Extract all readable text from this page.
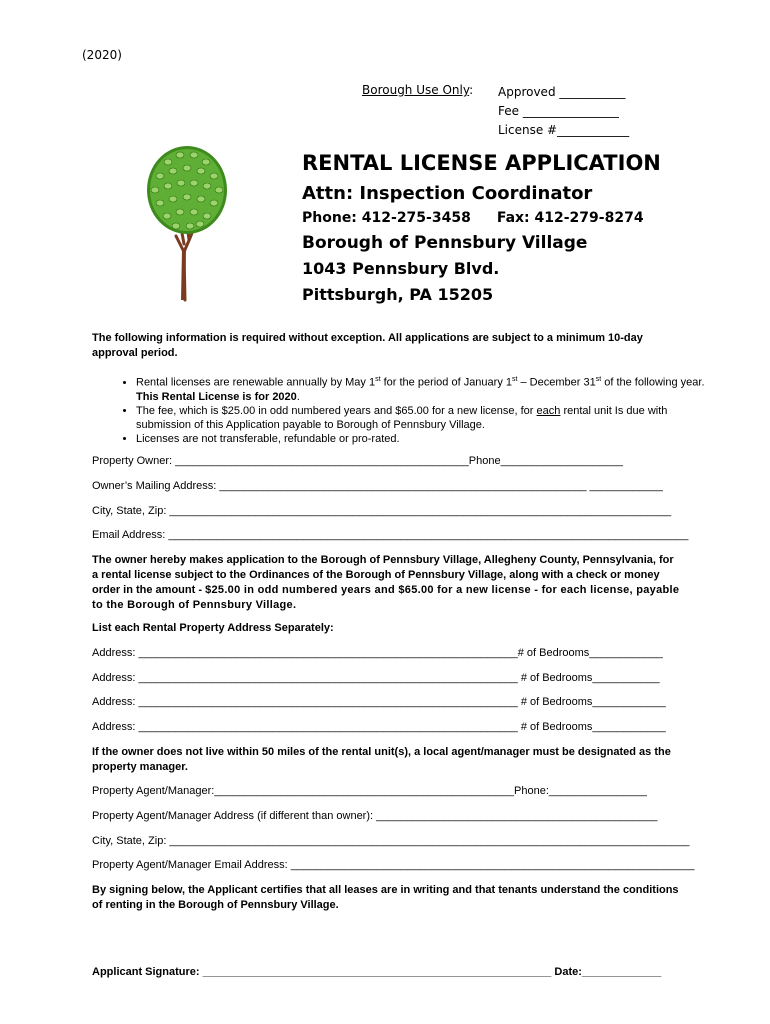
(2020)
Borough Use Only: Approved ___________
Fee ________________
License #____________
RENTAL LICENSE APPLICATION
Attn: Inspection Coordinator
Phone: 412-275-3458 Fax: 412-279-8274
Borough of Pennsbury Village
1043 Pennsbury Blvd.
Pittsburgh, PA 15205
The following information is required without exception. All applications are subject to a minimum 10-day approval period.
• Rental licenses are renewable annually by May 1st for the period of January 1st – December 31st of the following year. This Rental License is for 2020.
• The fee, which is $25.00 in odd numbered years and $65.00 for a new license, for each rental unit Is due with submission of this Application payable to Borough of Pennsbury Village.
• Licenses are not transferable, refundable or pro-rated.
Property Owner: ________________________________________________Phone____________________
Owner’s Mailing Address: ____________________________________________________________ ____________
City, State, Zip: __________________________________________________________________________________
Email Address: _____________________________________________________________________________________
The owner hereby makes application to the Borough of Pennsbury Village, Allegheny County, Pennsylvania, for a rental license subject to the Ordinances of the Borough of Pennsbury Village, along with a check or money order in the amount - $25.00 in odd numbered years and $65.00 for a new license - for each license, payable to the Borough of Pennsbury Village.
List each Rental Property Address Separately:
Address: ______________________________________________________________# of Bedrooms____________
Address: ______________________________________________________________ # of Bedrooms___________
Address: ______________________________________________________________ # of Bedrooms____________
Address: ______________________________________________________________ # of Bedrooms____________
If the owner does not live within 50 miles of the rental unit(s), a local agent/manager must be designated as the property manager.
Property Agent/Manager:_________________________________________________Phone:________________
Property Agent/Manager Address (if different than owner): ______________________________________________
City, State, Zip: _____________________________________________________________________________________
Property Agent/Manager Email Address: __________________________________________________________________
By signing below, the Applicant certifies that all leases are in writing and that tenants understand the conditions of renting in the Borough of Pennsbury Village.
Applicant Signature: _________________________________________________________ Date:_____________
